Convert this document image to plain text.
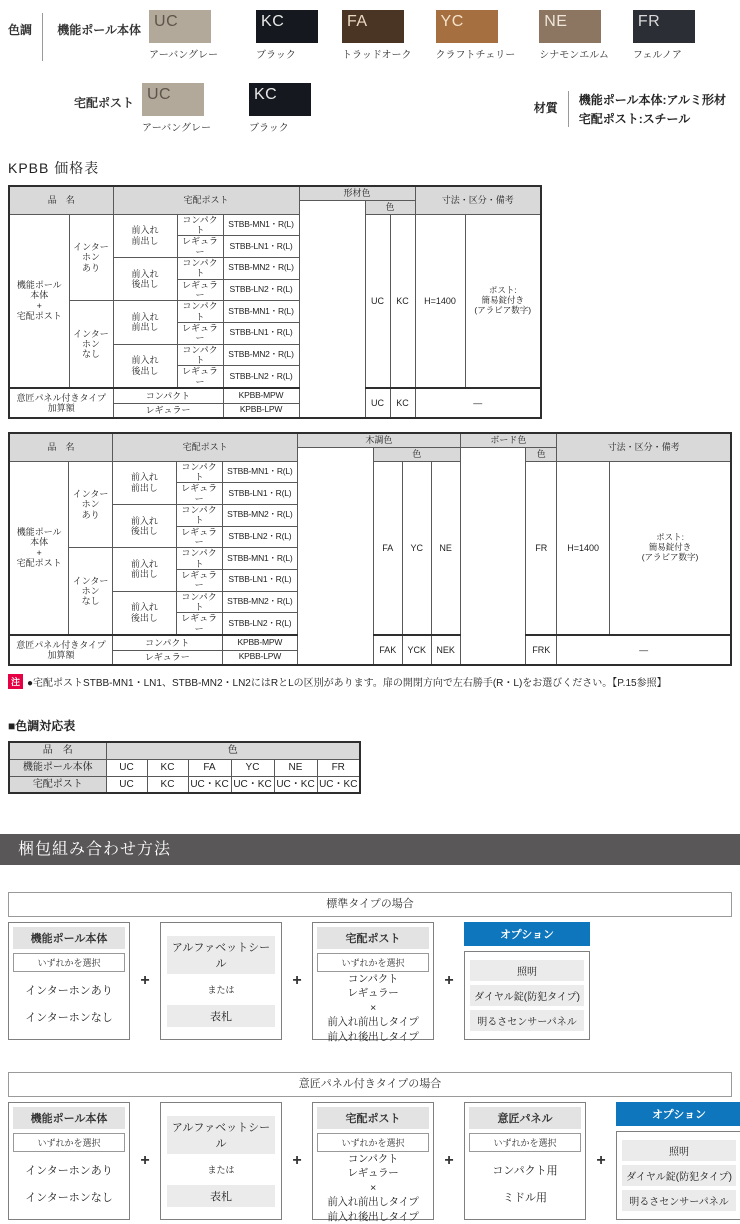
色調	機能ポール本体 UC
アーバングレー
KC
ブラック
FA
トラッドオーク
YC
クラフトチェリー
NE
シナモンエルム
FR
フェルノア
宅配ポスト UC
アーバングレー
KC
ブラック
材質
機能ポール本体:アルミ形材
宅配ポスト:スチール
KPBB 価格表
品　名		宅配ポスト			形材色			寸法・区分・備考	
						色			
機能ポール
本体
+
宅配ポスト	インターホン
あり	前入れ
前出し	コンパクト	STBB-MN1・R(L)		UC	KC	H=1400	ポスト:
簡易錠付き
(アラビア数字)
			レギュラー	STBB-LN1・R(L)					
		前入れ
後出し	コンパクト	STBB-MN2・R(L)					
			レギュラー	STBB-LN2・R(L)					
	インターホン
なし	前入れ
前出し	コンパクト	STBB-MN1・R(L)					
			レギュラー	STBB-LN1・R(L)					
		前入れ
後出し	コンパクト	STBB-MN2・R(L)					
			レギュラー	STBB-LN2・R(L)					
意匠パネル付きタイプ
加算額		コンパクト		KPBB-MPW		UC	KC	—	
		レギュラー		KPBB-LPW					
品　名		宅配ポスト			木調色				ボード色		寸法・区分・備考	
						色				色		
機能ポール
本体
+
宅配ポスト	インターホン
あり	前入れ
前出し	コンパクト	STBB-MN1・R(L)		FA	YC	NE		FR	H=1400	ポスト:
簡易錠付き
(アラビア数字)
			レギュラー	STBB-LN1・R(L)								
		前入れ
後出し	コンパクト	STBB-MN2・R(L)								
			レギュラー	STBB-LN2・R(L)								
	インターホン
なし	前入れ
前出し	コンパクト	STBB-MN1・R(L)								
			レギュラー	STBB-LN1・R(L)								
		前入れ
後出し	コンパクト	STBB-MN2・R(L)								
			レギュラー	STBB-LN2・R(L)								
意匠パネル付きタイプ
加算額		コンパクト		KPBB-MPW		FAK	YCK	NEK		FRK	—	
		レギュラー		KPBB-LPW								
注 ●宅配ポストSTBB-MN1・LN1、STBB-MN2・LN2にはRとLの区別があります。扉の開閉方向で左右勝手(R・L)をお選びください。【P.15参照】
■色調対応表
品　名	色					
機能ポール本体	UC	KC	FA	YC	NE	FR
宅配ポスト	UC	KC	UC・KC	UC・KC	UC・KC	UC・KC
梱包組み合わせ方法
標準タイプの場合
機能ポール本体
いずれかを選択
インターホンあり
インターホンなし
+
アルファベットシール
または
表札
+
宅配ポスト
いずれかを選択
コンパクト
レギュラー
×
前入れ前出しタイプ
前入れ後出しタイプ
+
オプション
照明
ダイヤル錠(防犯タイプ)
明るさセンサーパネル
意匠パネル付きタイプの場合
機能ポール本体
いずれかを選択
インターホンあり
インターホンなし
+
アルファベットシール
または
表札
+
宅配ポスト
いずれかを選択
コンパクト
レギュラー
×
前入れ前出しタイプ
前入れ後出しタイプ
+
意匠パネル
いずれかを選択
コンパクト用
ミドル用
+
オプション
照明
ダイヤル錠(防犯タイプ)
明るさセンサーパネル
